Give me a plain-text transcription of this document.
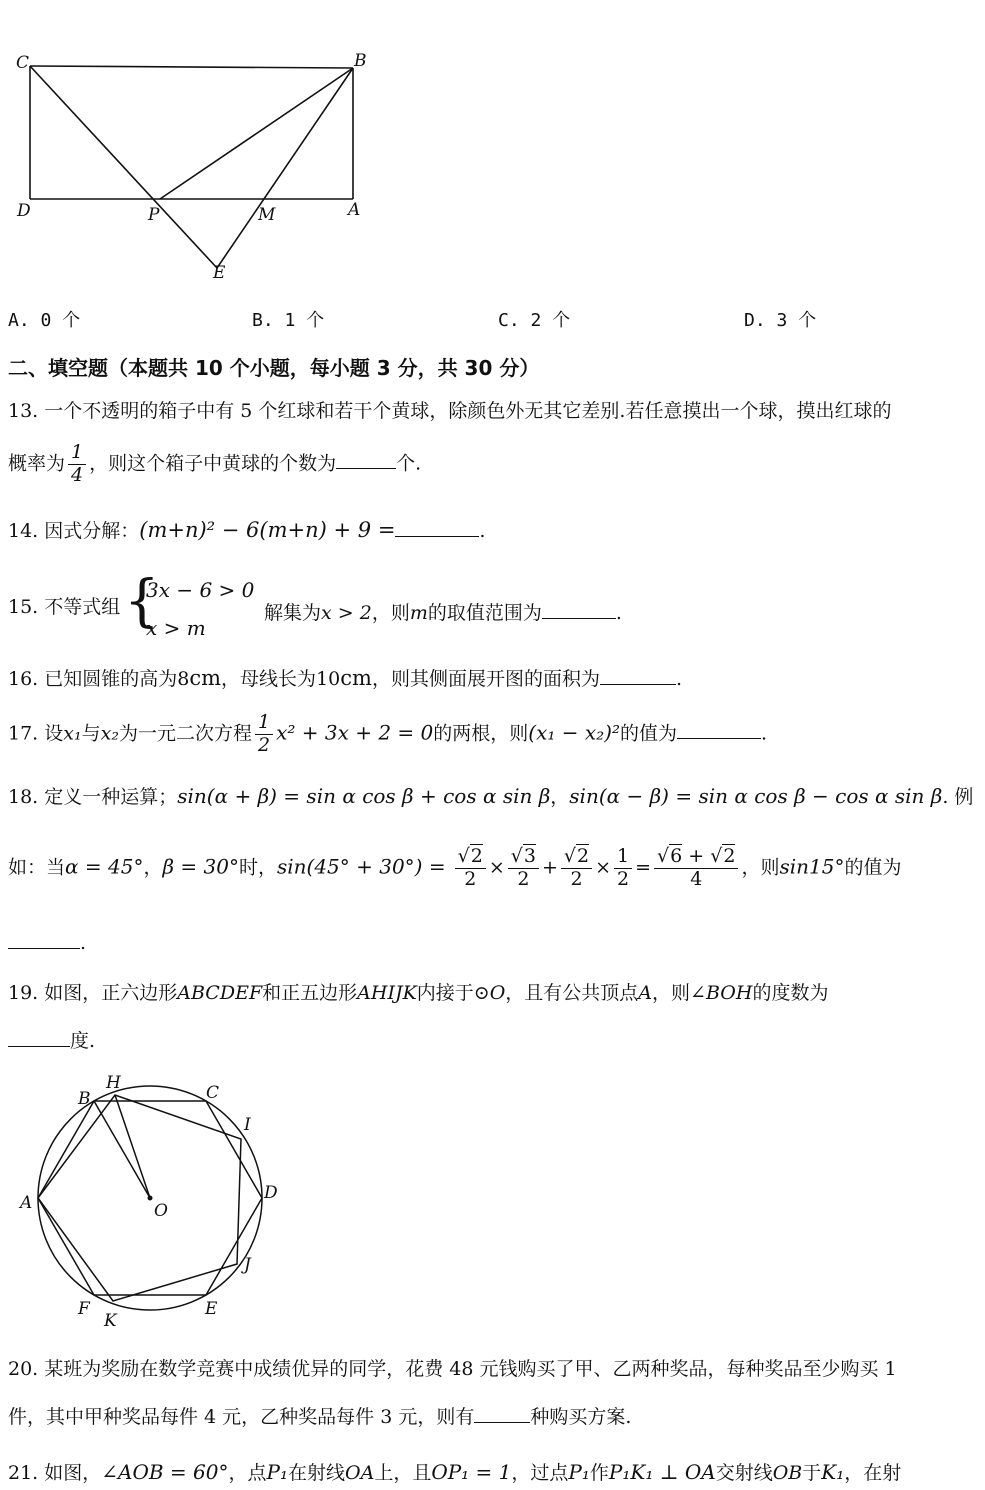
C	B
D	P	M	A
E
A. 0 个	B. 1 个	C. 2 个	D. 3 个
二、填空题（本题共 10 个小题，每小题 3 分，共 30 分）
13. 一个不透明的箱子中有 5 个红球和若干个黄球，除颜色外无其它差别.若任意摸出一个球，摸出红球的
概率为 $\frac{1}{4}$ ，则这个箱子中黄球的个数为	个.
14. 因式分解：(m+n)² − 6(m+n) + 9 =	.
15. 不等式组 {
3x − 6 > 0
x > m
解集为x > 2，则m的取值范围为	.
16. 已知圆锥的高为8cm，母线长为10cm，则其侧面展开图的面积为	.
17. 设x₁与x₂为一元二次方程 $\frac{1}{2} x^2 + 3x + 2 = 0$的两根，则(x₁ − x₂)²的值为	.
18. 定义一种运算；sin(α + β) = sin α cos β + cos α sin β，sin(α − β) = sin α cos β − cos α sin β. 例
如：当α = 45°，β = 30°时，$\sin(45^\circ + 30^\circ) = \frac{√2}{2} \times \frac{√3}{2} + \frac{√2}{2} \times \frac{1}{2} = \frac{√6 + √2}{4}$ ，则sin15°的值为
.
19. 如图，正六边形ABCDEF和正五边形AHIJK内接于⊙O，且有公共顶点A，则∠BOH的度数为
度.
A
B
H	C
I
D
J
E
K
F
O
20. 某班为奖励在数学竞赛中成绩优异的同学，花费 48 元钱购买了甲、乙两种奖品，每种奖品至少购买 1
件，其中甲种奖品每件 4 元，乙种奖品每件 3 元，则有	种购买方案.
21. 如图，∠AOB = 60°，点P₁在射线OA上，且OP₁ = 1，过点P₁作P₁K₁ ⊥ OA交射线OB于K₁，在射
